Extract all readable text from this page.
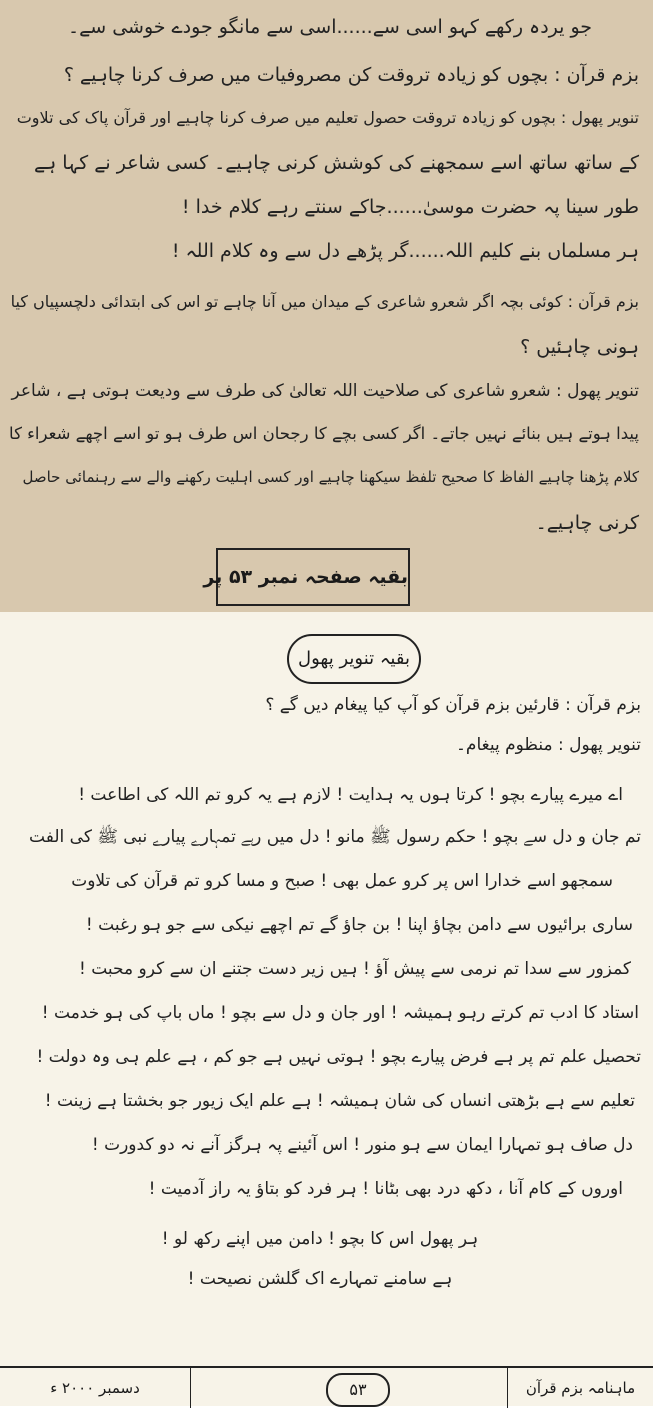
جو یردہ رکھے کہو اسی سے......اسی سے مانگو جودے خوشی سے۔
بزم قرآن : بچوں کو زیادہ تروقت کن مصروفیات میں صرف کرنا چاہیے ؟
تنویر پھول : بچوں کو زیادہ تروقت حصول تعلیم میں صرف کرنا چاہیے اور قرآن پاک کی تلاوت
کے ساتھ ساتھ اسے سمجھنے کی کوشش کرنی چاہیے۔ کسی شاعر نے کہا ہے
طور سینا پہ حضرت موسیٰ......جاکے سنتے رہے کلام خدا !
ہر مسلماں بنے کلیم اللہ......گر پڑھے دل سے وہ کلام اللہ !
بزم قرآن : کوئی بچہ اگر شعرو شاعری کے میدان میں آنا چاہے تو اس کی ابتدائی دلچسپیاں کیا
ہونی چاہئیں ؟
تنویر پھول : شعرو شاعری کی صلاحیت اللہ تعالیٰ کی طرف سے ودیعت ہوتی ہے ، شاعر
پیدا ہوتے ہیں بنائے نہیں جاتے۔ اگر کسی بچے کا رجحان اس طرف ہو تو اسے اچھے شعراء کا
کلام پڑھنا چاہیے الفاظ کا صحیح تلفظ سیکھنا چاہیے اور کسی اہلیت رکھنے والے سے رہنمائی حاصل
کرنی چاہیے۔
بقیہ صفحہ نمبر ۵۳ پر
بقیہ تنویر پھول
بزم قرآن : قارئین بزم قرآن کو آپ کیا پیغام دیں گے ؟
تنویر پھول : منظوم پیغام۔
اے میرے پیارے بچو ! کرتا ہوں یہ ہدایت ! لازم ہے یہ کرو تم اللہ کی اطاعت !
تم جان و دل سے بچو ! حکم رسول ﷺ مانو ! دل میں رہے تمہارے پیارے نبی ﷺ کی الفت
سمجھو اسے خدارا اس پر کرو عمل بھی ! صبح و مسا کرو تم قرآن کی تلاوت
ساری برائیوں سے دامن بچاؤ اپنا ! بن جاؤ گے تم اچھے نیکی سے جو ہو رغبت !
کمزور سے سدا تم نرمی سے پیش آؤ ! ہیں زیر دست جتنے ان سے کرو محبت !
استاد کا ادب تم کرتے رہو ہمیشہ ! اور جان و دل سے بچو ! ماں باپ کی ہو خدمت !
تحصیل علم تم پر ہے فرض پیارے بچو ! ہوتی نہیں ہے جو کم ، ہے علم ہی وہ دولت !
تعلیم سے ہے بڑھتی انساں کی شان ہمیشہ ! ہے علم ایک زیور جو بخشتا ہے زینت !
دل صاف ہو تمہارا ایمان سے ہو منور ! اس آئینے پہ ہرگز آنے نہ دو کدورت !
اوروں کے کام آنا ، دکھ درد بھی بٹانا ! ہر فرد کو بتاؤ یہ راز آدمیت !
ہر پھول اس کا بچو ! دامن میں اپنے رکھ لو !
ہے سامنے تمہارے اک گلشن نصیحت !
دسمبر ۲۰۰۰ ء	۵۳	ماہنامہ بزم قرآن
